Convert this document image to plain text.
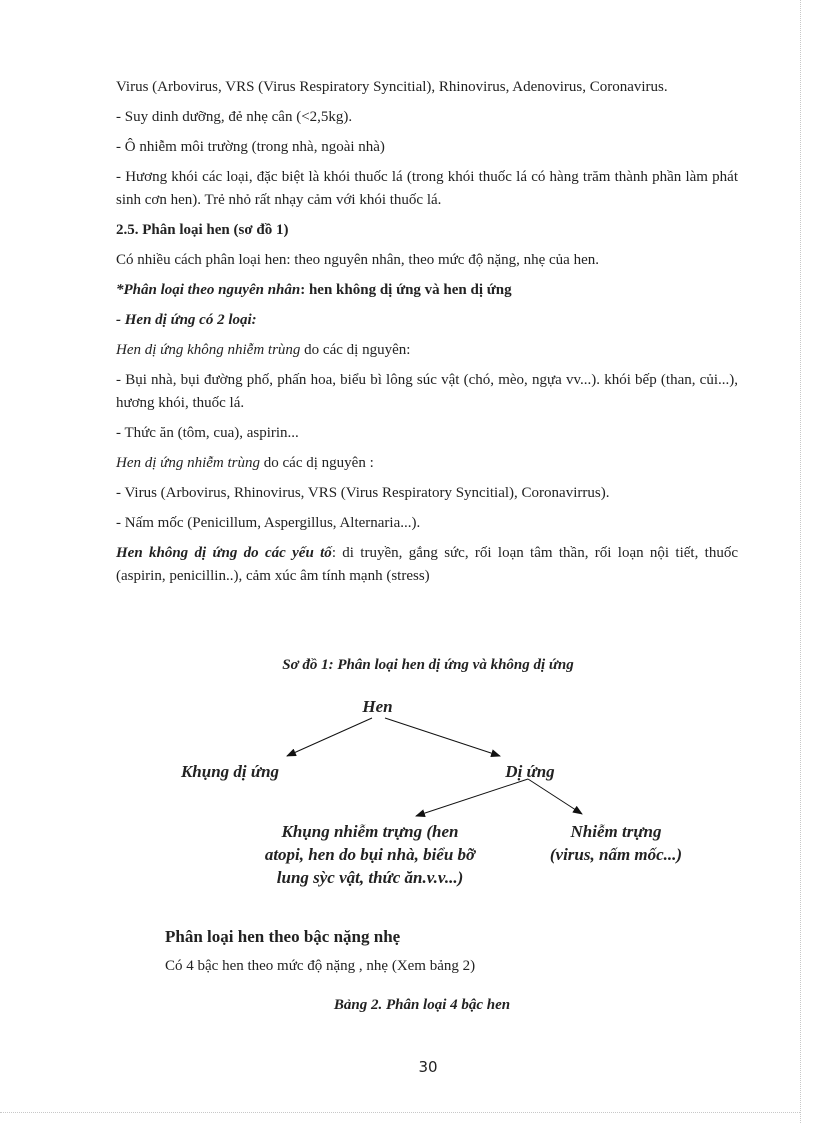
Virus (Arbovirus, VRS (Virus Respiratory Syncitial), Rhinovirus, Adenovirus, Coronavirus.

- Suy dinh dưỡng, đẻ nhẹ cân (<2,5kg).

- Ô nhiễm môi trường (trong nhà, ngoài nhà)

- Hương khói các loại, đặc biệt là khói thuốc lá (trong khói thuốc lá có hàng trăm thành phần làm phát sinh cơn hen). Trẻ nhỏ rất nhạy cảm với khói thuốc lá.

2.5. Phân loại hen (sơ đồ 1)

Có nhiều cách phân loại hen: theo nguyên nhân, theo mức độ nặng, nhẹ của hen.

*Phân loại theo nguyên nhân: hen không dị ứng và hen dị ứng

- Hen dị ứng có 2 loại:

Hen dị ứng không nhiễm trùng do các dị nguyên:

- Bụi nhà, bụi đường phố, phấn hoa, biểu bì lông súc vật (chó, mèo, ngựa vv...). khói bếp (than, củi...), hương khói, thuốc lá.

- Thức ăn (tôm, cua), aspirin...

Hen dị ứng nhiễm trùng do các dị nguyên :

- Virus (Arbovirus, Rhinovirus, VRS (Virus Respiratory Syncitial), Coronavirrus).

- Nấm mốc (Penicillum, Aspergillus, Alternaria...).

Hen không dị ứng do các yếu tố: di truyền, gắng sức, rối loạn tâm thần, rối loạn nội tiết, thuốc (aspirin, penicillin..), cảm xúc âm tính mạnh (stress)

Sơ đồ 1: Phân loại hen dị ứng và không dị ứng
Hen
Khụng dị ứng	Dị ứng
Khụng nhiễm trựng (hen
atopi, hen do bụi nhà, biểu bỡ
lung sỳc vật, thức ăn.v.v...)
Nhiễm trựng
(virus, nấm mốc...)
Phân loại hen theo bậc nặng nhẹ
Có 4 bậc hen theo mức độ nặng , nhẹ (Xem bảng 2)
Bảng 2. Phân loại 4 bậc hen
30
